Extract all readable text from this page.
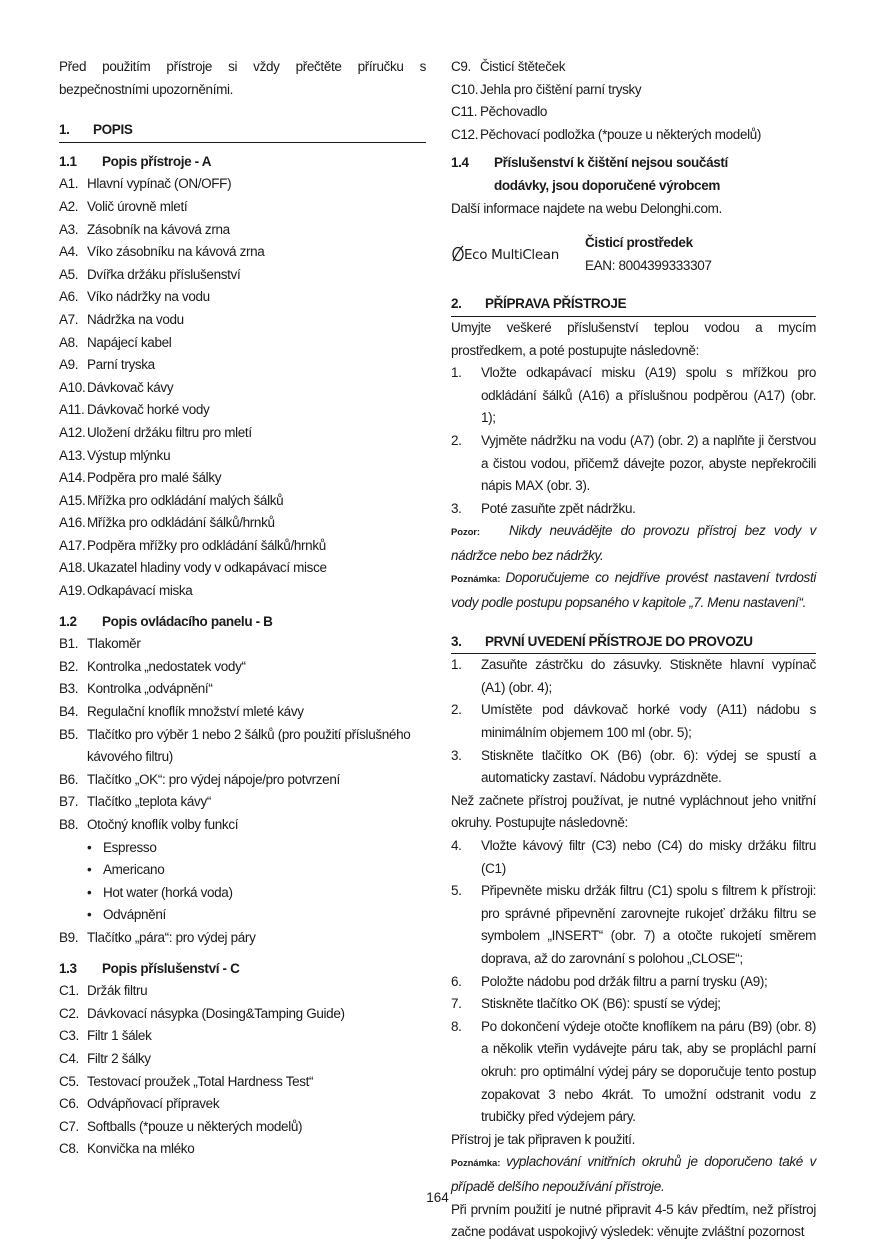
Před použitím přístroje si vždy přečtěte příručku s bezpečnostními upozorněními.

1.	POPIS
1.1	Popis přístroje - A
A1. Hlavní vypínač (ON/OFF)
A2. Volič úrovně mletí
A3. Zásobník na kávová zrna
A4. Víko zásobníku na kávová zrna
A5. Dvířka držáku příslušenství
A6. Víko nádržky na vodu
A7. Nádržka na vodu
A8. Napájecí kabel
A9. Parní tryska
A10. Dávkovač kávy
A11. Dávkovač horké vody
A12. Uložení držáku filtru pro mletí
A13. Výstup mlýnku
A14. Podpěra pro malé šálky
A15. Mřížka pro odkládání malých šálků
A16. Mřížka pro odkládání šálků/hrnků
A17. Podpěra mřížky pro odkládání šálků/hrnků
A18. Ukazatel hladiny vody v odkapávací misce
A19. Odkapávací miska
1.2	Popis ovládacího panelu - B
B1. Tlakoměr
B2. Kontrolka „nedostatek vody“
B3. Kontrolka „odvápnění“
B4. Regulační knoflík množství mleté kávy
B5. Tlačítko pro výběr 1 nebo 2 šálků (pro použití příslušného kávového filtru)
B6. Tlačítko „OK“: pro výdej nápoje/pro potvrzení
B7. Tlačítko „teplota kávy“
B8. Otočný knoflík volby funkcí
• Espresso
• Americano
• Hot water (horká voda)
• Odvápnění
B9. Tlačítko „pára“: pro výdej páry
1.3	Popis příslušenství - C
C1. Držák filtru
C2. Dávkovací násypka (Dosing&Tamping Guide)
C3. Filtr 1 šálek
C4. Filtr 2 šálky
C5. Testovací proužek „Total Hardness Test“
C6. Odvápňovací přípravek
C7. Softballs (*pouze u některých modelů)
C8. Konvička na mléko
C9. Čisticí štěteček
C10. Jehla pro čištění parní trysky
C11. Pěchovadlo
C12. Pěchovací podložka (*pouze u některých modelů)
1.4	Příslušenství k čištění nejsou součástí
dodávky, jsou doporučené výrobcem

Další informace najdete na webu Delonghi.com.

Eco MultiClean
Čisticí prostředek
EAN: 8004399333307
2.	PŘÍPRAVA PŘÍSTROJE

Umyjte veškeré příslušenství teplou vodou a mycím prostředkem, a poté postupujte následovně:

1.	Vložte odkapávací misku (A19) spolu s mřížkou pro odkládání šálků (A16) a příslušnou podpěrou (A17) (obr. 1);
2.	Vyjměte nádržku na vodu (A7) (obr. 2) a naplňte ji čerstvou a čistou vodou, přičemž dávejte pozor, abyste nepřekročili nápis MAX (obr. 3).
3.	Poté zasuňte zpět nádržku.

Pozor: Nikdy neuvádějte do provozu přístroj bez vody v nádržce nebo bez nádržky.

Poznámka: Doporučujeme co nejdříve provést nastavení tvrdosti vody podle postupu popsaného v kapitole „7. Menu nastavení“.

3.	PRVNÍ UVEDENÍ PŘÍSTROJE DO PROVOZU
1.	Zasuňte zástrčku do zásuvky. Stiskněte hlavní vypínač (A1) (obr. 4);
2.	Umístěte pod dávkovač horké vody (A11) nádobu s minimálním objemem 100 ml (obr. 5);
3.	Stiskněte tlačítko OK (B6) (obr. 6): výdej se spustí a automaticky zastaví. Nádobu vyprázdněte.

Než začnete přístroj používat, je nutné vypláchnout jeho vnitřní okruhy. Postupujte následovně:

4.	Vložte kávový filtr (C3) nebo (C4) do misky držáku filtru (C1)
5.	Připevněte misku držák filtru (C1) spolu s filtrem k přístroji: pro správné připevnění zarovnejte rukojeť držáku filtru se symbolem „INSERT“ (obr. 7) a otočte rukojetí směrem doprava, až do zarovnání s polohou „CLOSE“;
6.	Položte nádobu pod držák filtru a parní trysku (A9);
7.	Stiskněte tlačítko OK (B6): spustí se výdej;
8.	Po dokončení výdeje otočte knoflíkem na páru (B9) (obr. 8) a několik vteřin vydávejte páru tak, aby se propláchl parní okruh: pro optimální výdej páry se doporučuje tento postup zopakovat 3 nebo 4krát. To umožní odstranit vodu z trubičky před výdejem páry.

Přístroj je tak připraven k použití.

Poznámka: vyplachování vnitřních okruhů je doporučeno také v případě delšího nepoužívání přístroje.

Při prvním použití je nutné připravit 4-5 káv předtím, než přístroj začne podávat uspokojivý výsledek: věnujte zvláštní pozornost

164
